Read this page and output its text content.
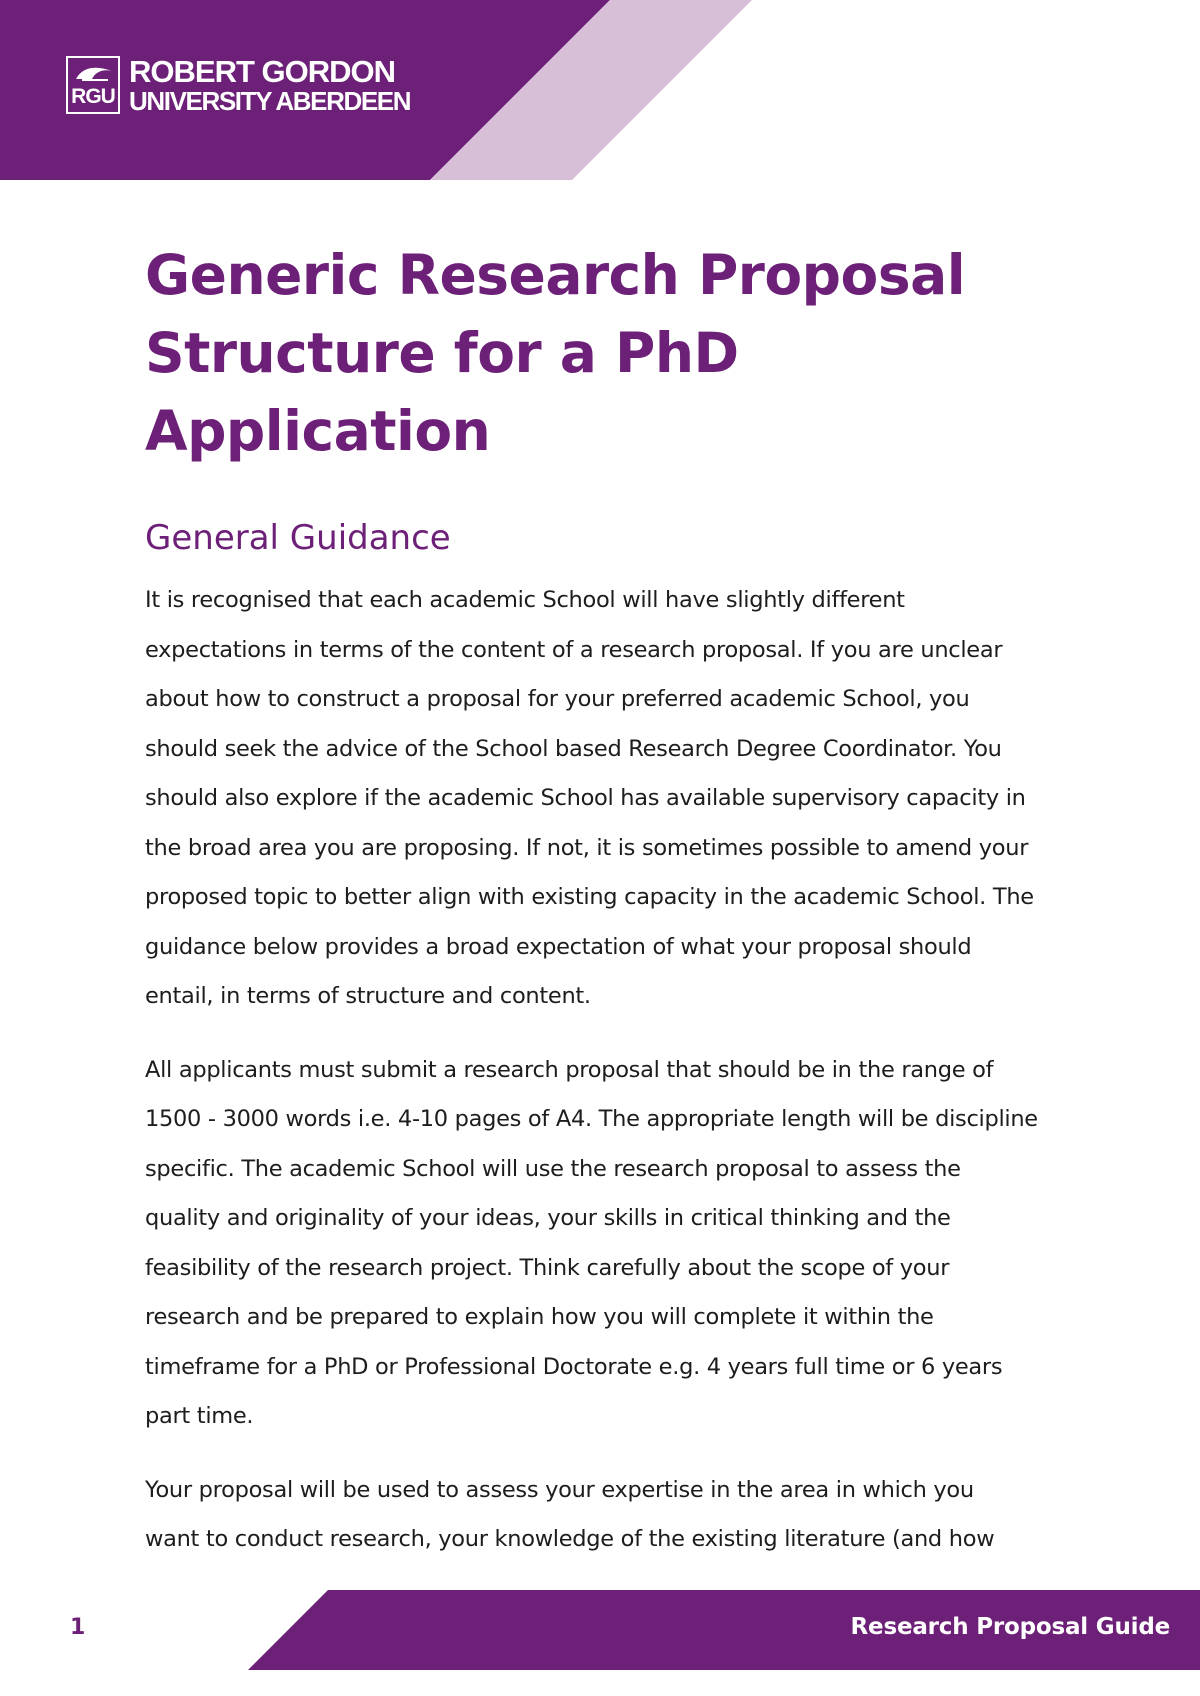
RGU
ROBERT GORDON
UNIVERSITY ABERDEEN
Generic Research Proposal
Structure for a PhD Application
General Guidance

It is recognised that each academic School will have slightly different
expectations in terms of the content of a research proposal. If you are unclear
about how to construct a proposal for your preferred academic School, you
should seek the advice of the School based Research Degree Coordinator. You
should also explore if the academic School has available supervisory capacity in
the broad area you are proposing. If not, it is sometimes possible to amend your
proposed topic to better align with existing capacity in the academic School. The
guidance below provides a broad expectation of what your proposal should
entail, in terms of structure and content.

All applicants must submit a research proposal that should be in the range of
1500 - 3000 words i.e. 4-10 pages of A4. The appropriate length will be discipline
specific. The academic School will use the research proposal to assess the
quality and originality of your ideas, your skills in critical thinking and the
feasibility of the research project. Think carefully about the scope of your
research and be prepared to explain how you will complete it within the
timeframe for a PhD or Professional Doctorate e.g. 4 years full time or 6 years
part time.

Your proposal will be used to assess your expertise in the area in which you
want to conduct research, your knowledge of the existing literature (and how

1	Research Proposal Guide
